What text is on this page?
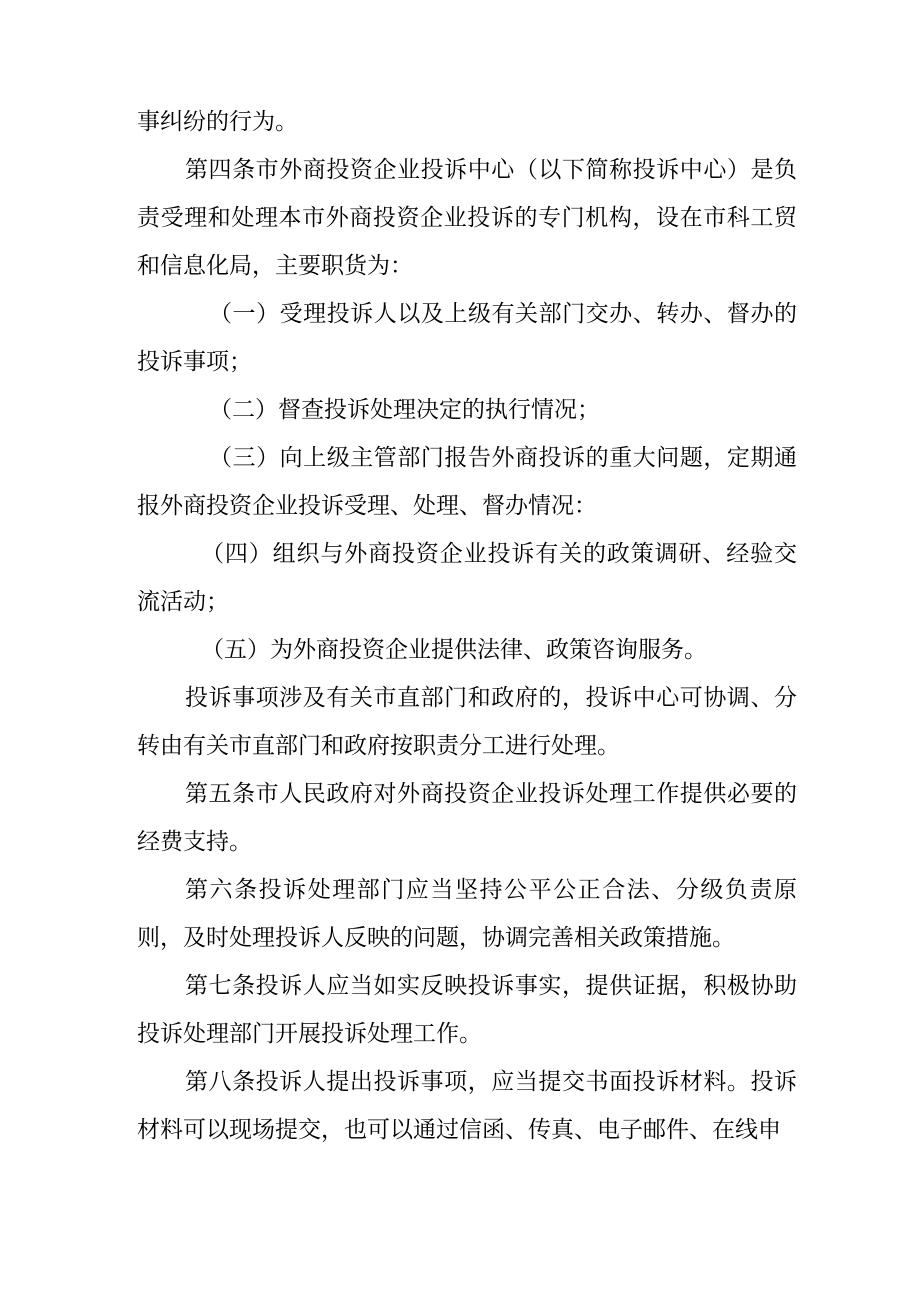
事纠纷的行为。

第四条市外商投资企业投诉中心（以下简称投诉中心）是负责受理和处理本市外商投资企业投诉的专门机构，设在市科工贸和信息化局，主要职货为：

（一）受理投诉人以及上级有关部门交办、转办、督办的投诉事项；

（二）督查投诉处理决定的执行情况；

（三）向上级主管部门报告外商投诉的重大问题，定期通报外商投资企业投诉受理、处理、督办情况：

（四）组织与外商投资企业投诉有关的政策调研、经验交流活动；

（五）为外商投资企业提供法律、政策咨询服务。

投诉事项涉及有关市直部门和政府的，投诉中心可协调、分转由有关市直部门和政府按职责分工进行处理。

第五条市人民政府对外商投资企业投诉处理工作提供必要的经费支持。

第六条投诉处理部门应当坚持公平公正合法、分级负责原则，及时处理投诉人反映的问题，协调完善相关政策措施。

第七条投诉人应当如实反映投诉事实，提供证据，积极协助投诉处理部门开展投诉处理工作。

第八条投诉人提出投诉事项，应当提交书面投诉材料。投诉材料可以现场提交，也可以通过信函、传真、电子邮件、在线申
